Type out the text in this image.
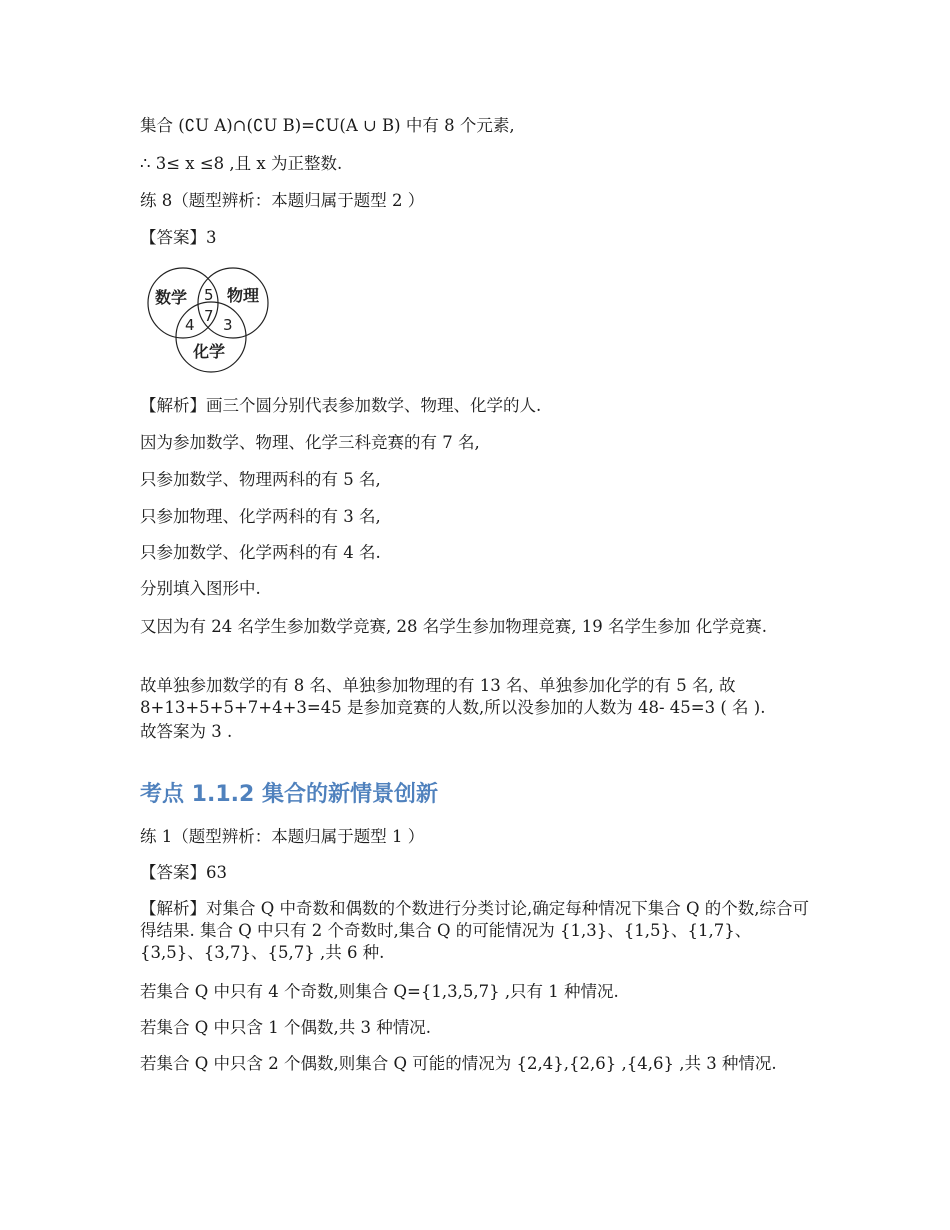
集合 (∁U A)∩(∁U B)=∁U(A ∪ B) 中有 8 个元素,
∴ 3≤ x ≤8 ,且 x 为正整数.
练 8（题型辨析：本题归属于题型 2 ）
【答案】3
数学 物理
化学
5
7
4 3
【解析】画三个圆分别代表参加数学、物理、化学的人.
因为参加数学、物理、化学三科竞赛的有 7 名,
只参加数学、物理两科的有 5 名,
只参加物理、化学两科的有 3 名,
只参加数学、化学两科的有 4 名.
分别填入图形中.
又因为有 24 名学生参加数学竞赛, 28 名学生参加物理竞赛, 19 名学生参加 化学竞赛.
故单独参加数学的有 8 名、单独参加物理的有 13 名、单独参加化学的有 5 名, 故 8+13+5+5+7+4+3=45 是参加竞赛的人数,所以没参加的人数为 48- 45=3 ( 名 ).
故答案为 3 .
考点 1.1.2 集合的新情景创新
练 1（题型辨析：本题归属于题型 1 ）
【答案】63
【解析】对集合 Q 中奇数和偶数的个数进行分类讨论,确定每种情况下集合 Q 的个数,综合可得结果. 集合 Q 中只有 2 个奇数时,集合 Q 的可能情况为 {1,3}、{1,5}、{1,7}、{3,5}、{3,7}、{5,7} ,共 6 种.
若集合 Q 中只有 4 个奇数,则集合 Q={1,3,5,7} ,只有 1 种情况.
若集合 Q 中只含 1 个偶数,共 3 种情况.
若集合 Q 中只含 2 个偶数,则集合 Q 可能的情况为 {2,4},{2,6} ,{4,6} ,共 3 种情况.
